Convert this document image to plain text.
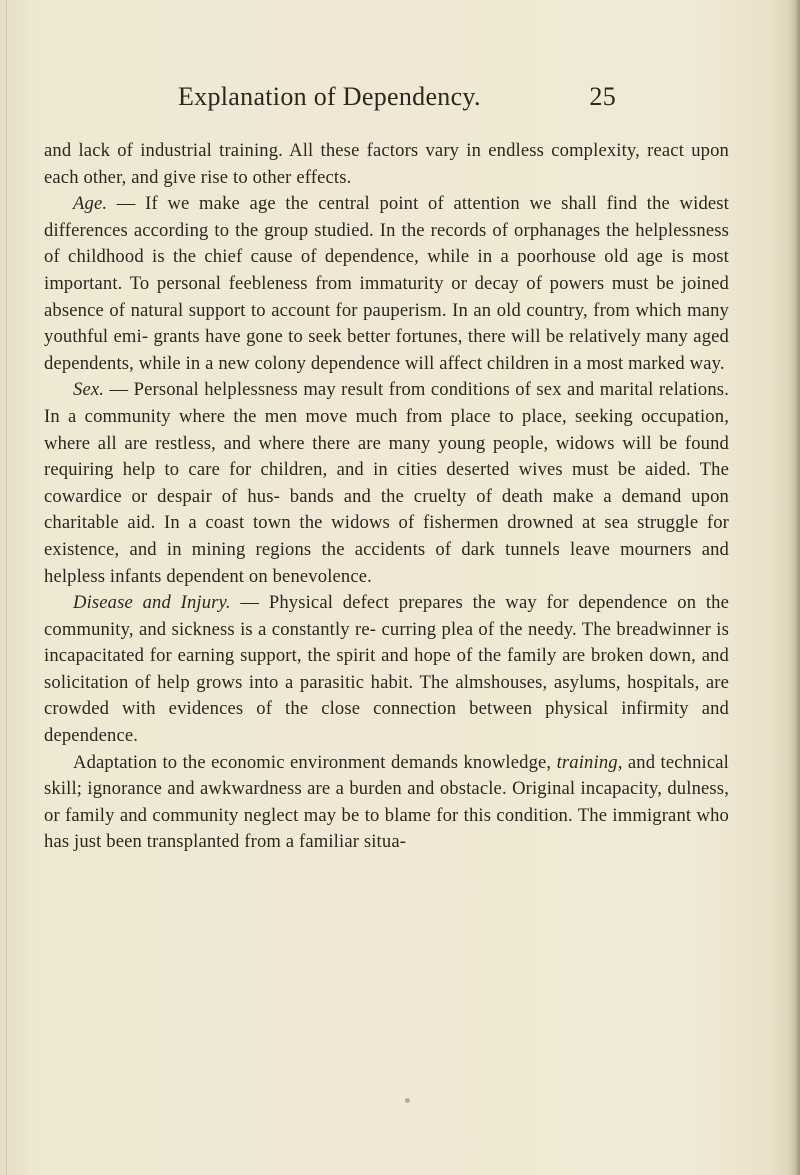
Explanation of Dependency.	25

and lack of industrial training. All these factors vary in endless complexity, react upon each other, and give rise to other effects.

Age. — If we make age the central point of attention we shall find the widest differences according to the group studied. In the records of orphanages the helplessness of childhood is the chief cause of dependence, while in a poorhouse old age is most important. To personal feebleness from immaturity or decay of powers must be joined absence of natural support to account for pauperism. In an old country, from which many youthful emi- grants have gone to seek better fortunes, there will be relatively many aged dependents, while in a new colony dependence will affect children in a most marked way.

Sex. — Personal helplessness may result from conditions of sex and marital relations. In a community where the men move much from place to place, seeking occupation, where all are restless, and where there are many young people, widows will be found requiring help to care for children, and in cities deserted wives must be aided. The cowardice or despair of hus- bands and the cruelty of death make a demand upon charitable aid. In a coast town the widows of fishermen drowned at sea struggle for existence, and in mining regions the accidents of dark tunnels leave mourners and helpless infants dependent on benevolence.

Disease and Injury. — Physical defect prepares the way for dependence on the community, and sickness is a constantly re- curring plea of the needy. The breadwinner is incapacitated for earning support, the spirit and hope of the family are broken down, and solicitation of help grows into a parasitic habit. The almshouses, asylums, hospitals, are crowded with evidences of the close connection between physical infirmity and dependence.

Adaptation to the economic environment demands knowledge, training, and technical skill; ignorance and awkwardness are a burden and obstacle. Original incapacity, dulness, or family and community neglect may be to blame for this condition. The immigrant who has just been transplanted from a familiar situa-
